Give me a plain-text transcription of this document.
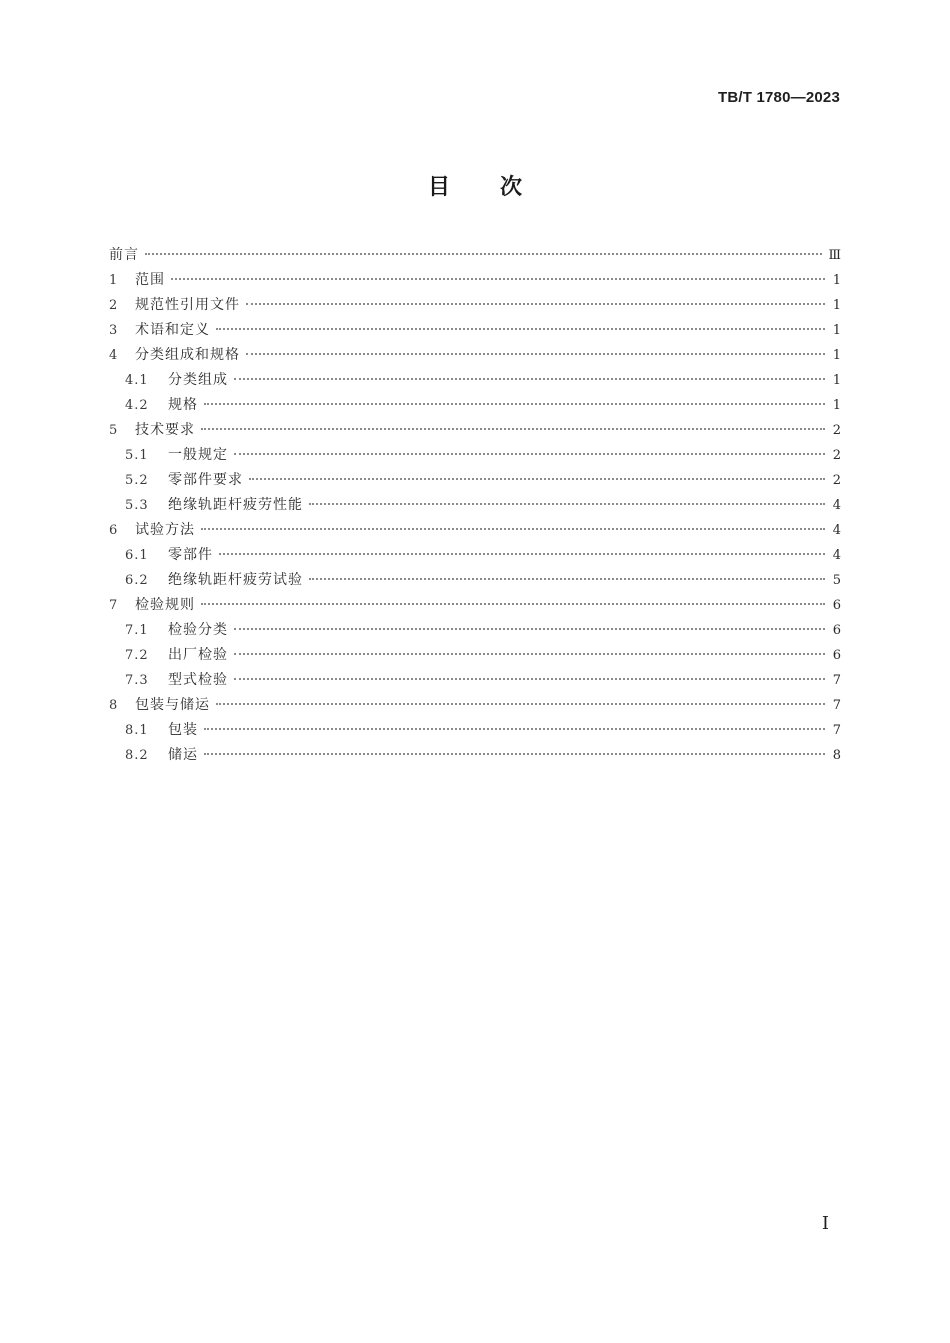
TB/T 1780—2023
目次
前言	Ⅲ
1	范围	1
2	规范性引用文件	1
3	术语和定义	1
4	分类组成和规格	1
4.1	分类组成	1
4.2	规格	1
5	技术要求	2
5.1	一般规定	2
5.2	零部件要求	2
5.3	绝缘轨距杆疲劳性能	4
6	试验方法	4
6.1	零部件	4
6.2	绝缘轨距杆疲劳试验	5
7	检验规则	6
7.1	检验分类	6
7.2	出厂检验	6
7.3	型式检验	7
8	包装与储运	7
8.1	包装	7
8.2	储运	8
I
